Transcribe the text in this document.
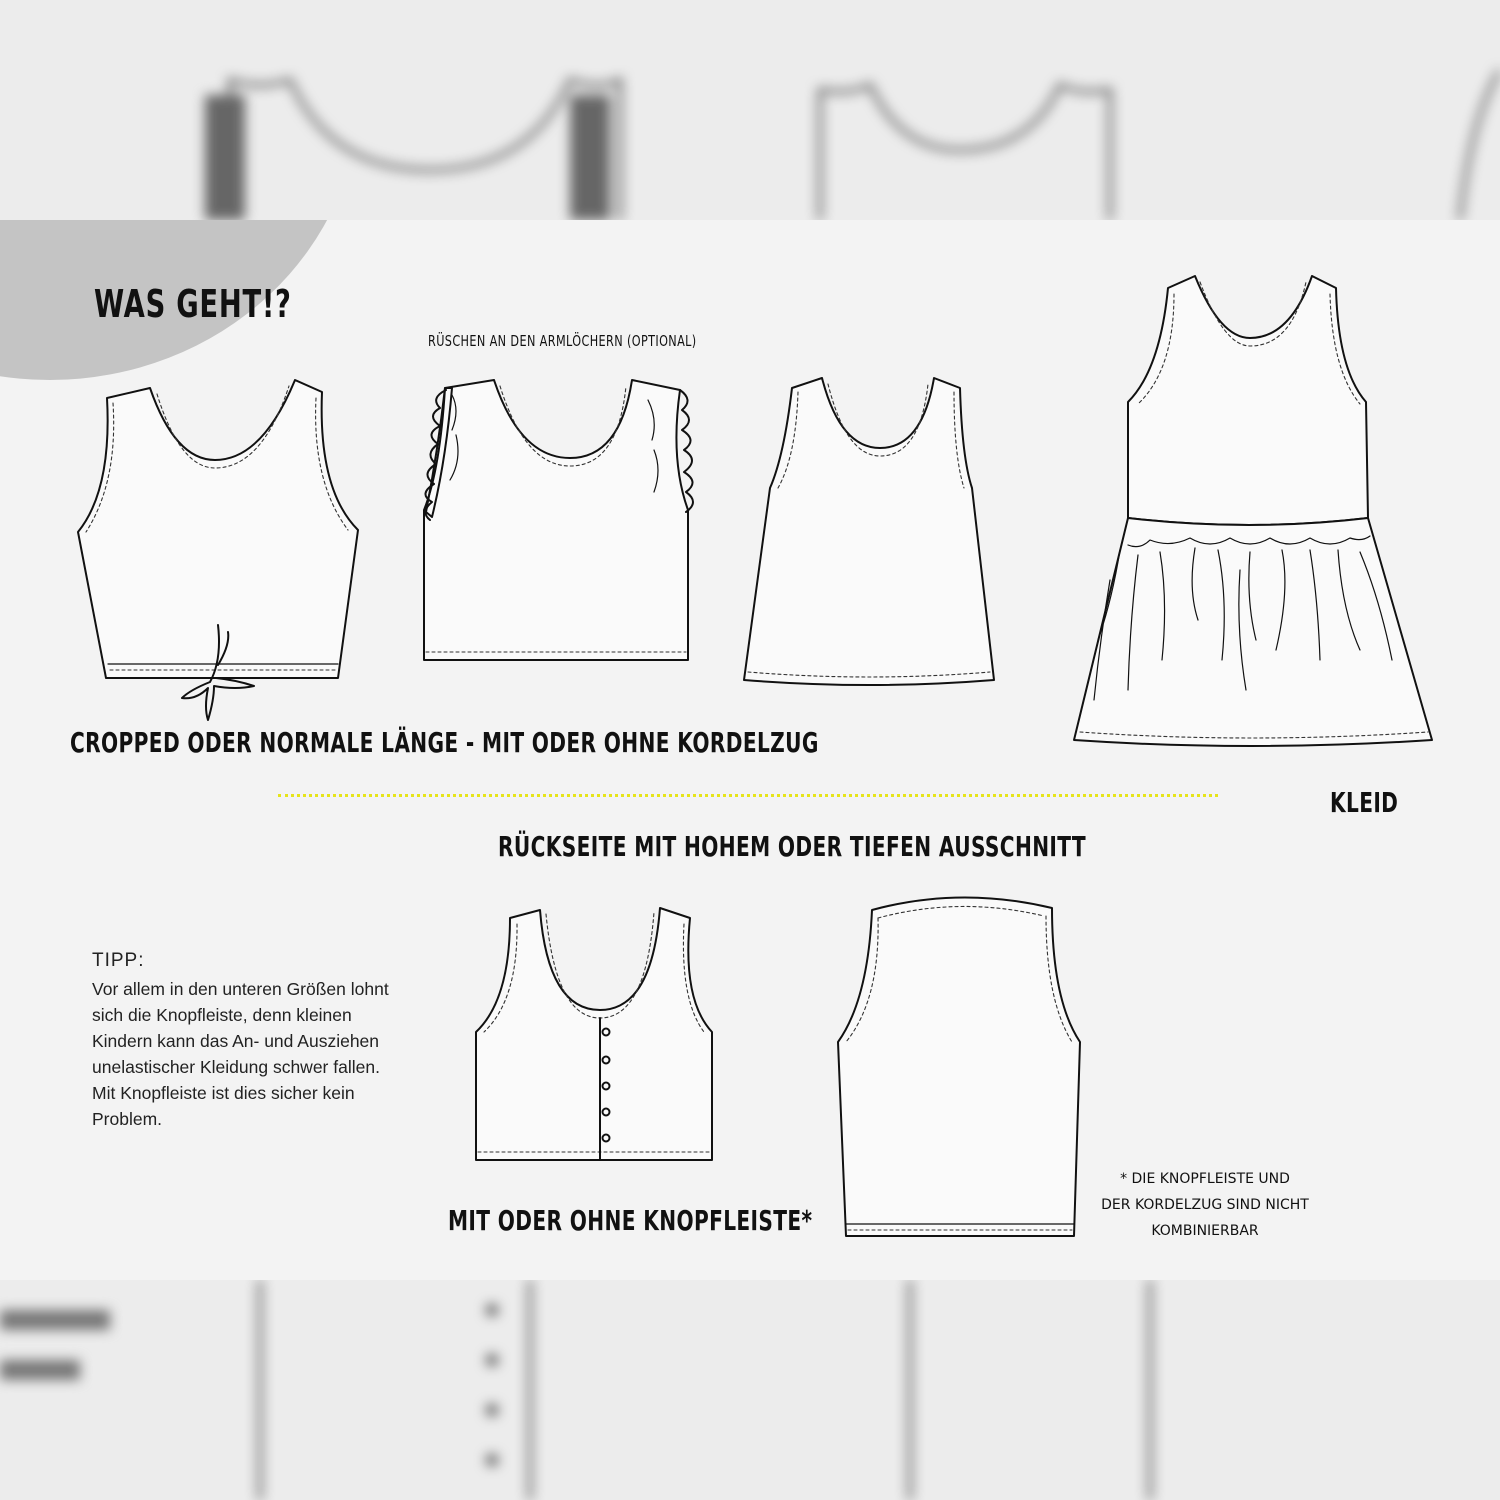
WAS GEHT!?
RÜSCHEN AN DEN ARMLÖCHERN (OPTIONAL)
CROPPED ODER NORMALE LÄNGE - MIT ODER OHNE KORDELZUG
KLEID
RÜCKSEITE MIT HOHEM ODER TIEFEN AUSSCHNITT
MIT ODER OHNE KNOPFLEISTE*
* DIE KNOPFLEISTE UND
DER KORDELZUG SIND NICHT
KOMBINIERBAR
TIPP:
Vor allem in den unteren Größen lohnt
sich die Knopfleiste, denn kleinen
Kindern kann das An- und Ausziehen
unelastischer Kleidung schwer fallen.
Mit Knopfleiste ist dies sicher kein
Problem.
